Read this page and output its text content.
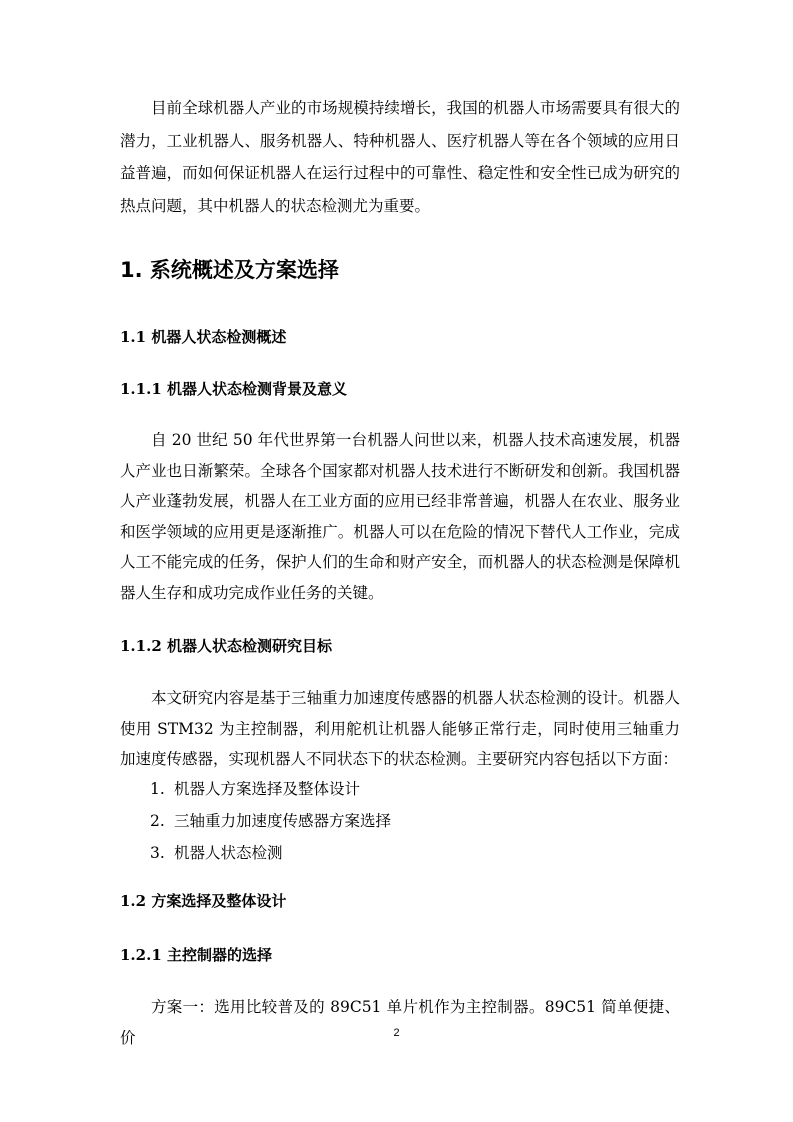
目前全球机器人产业的市场规模持续增长，我国的机器人市场需要具有很大的潜力，工业机器人、服务机器人、特种机器人、医疗机器人等在各个领域的应用日益普遍，而如何保证机器人在运行过程中的可靠性、稳定性和安全性已成为研究的热点问题，其中机器人的状态检测尤为重要。

1. 系统概述及方案选择
1.1 机器人状态检测概述
1.1.1 机器人状态检测背景及意义

自 20 世纪 50 年代世界第一台机器人问世以来，机器人技术高速发展，机器人产业也日渐繁荣。全球各个国家都对机器人技术进行不断研发和创新。我国机器人产业蓬勃发展，机器人在工业方面的应用已经非常普遍，机器人在农业、服务业和医学领域的应用更是逐渐推广。机器人可以在危险的情况下替代人工作业，完成人工不能完成的任务，保护人们的生命和财产安全，而机器人的状态检测是保障机器人生存和成功完成作业任务的关键。

1.1.2 机器人状态检测研究目标

本文研究内容是基于三轴重力加速度传感器的机器人状态检测的设计。机器人使用 STM32 为主控制器，利用舵机让机器人能够正常行走，同时使用三轴重力加速度传感器，实现机器人不同状态下的状态检测。主要研究内容包括以下方面：

1. 机器人方案选择及整体设计
2. 三轴重力加速度传感器方案选择
3. 机器人状态检测
1.2 方案选择及整体设计
1.2.1 主控制器的选择

方案一：选用比较普及的 89C51 单片机作为主控制器。89C51 简单便捷、价	2
